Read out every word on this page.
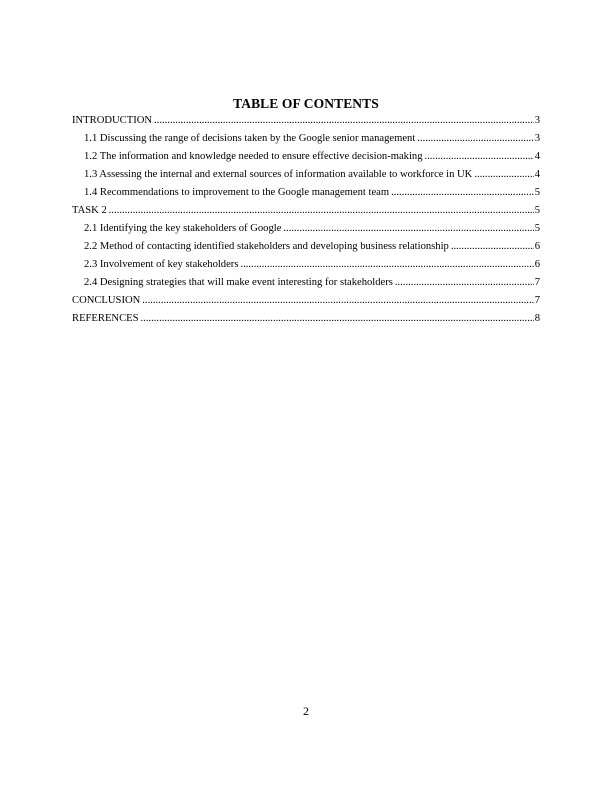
TABLE OF CONTENTS
INTRODUCTION .....	3
1.1 Discussing the range of decisions taken by the Google senior management .....	3
1.2 The information and knowledge needed to ensure effective decision-making .....	4
1.3 Assessing the internal and external sources of information available to workforce in UK .....	4
1.4 Recommendations to improvement to the Google management team .....	5
TASK 2 .....	5
2.1 Identifying the key stakeholders of Google .....	5
2.2 Method of contacting identified stakeholders and developing business relationship .....	6
2.3 Involvement of key stakeholders .....	6
2.4 Designing strategies that will make event interesting for stakeholders .....	7
CONCLUSION .....	7
REFERENCES .....	8
2
